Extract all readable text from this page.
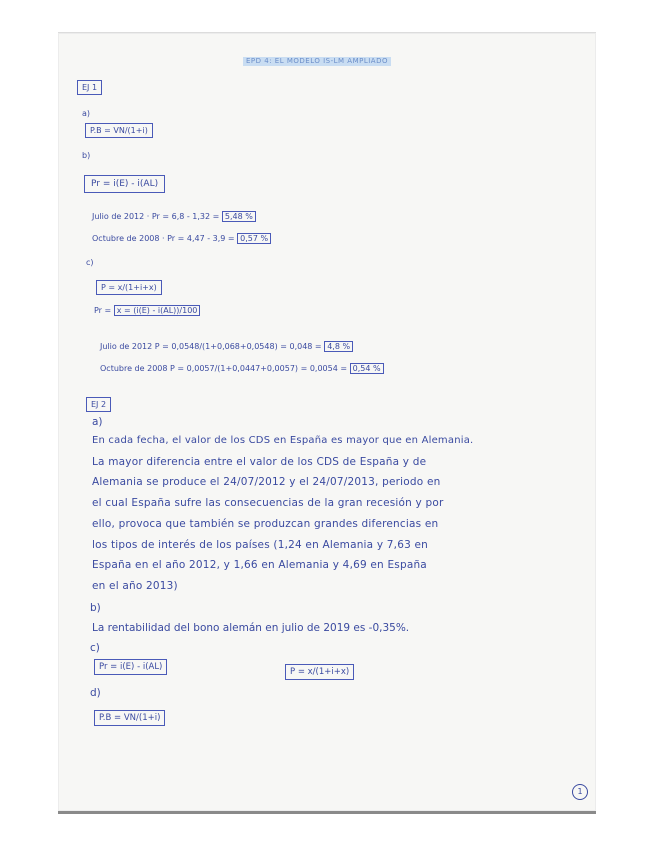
EPD 4: EL MODELO IS-LM AMPLIADO
EJ 1
a)
P.B = VN/(1+i)
b)
Pr = i(E) - i(AL)
Julio de 2012 · Pr = 6,8 - 1,32 = 5,48 %
Octubre de 2008 · Pr = 4,47 - 3,9 = 0,57 %
c)
P = x/(1+i+x)
Pr = x = (i(E) - i(AL))/100
Julio de 2012 P = 0,0548/(1+0,068+0,0548) = 0,048 = 4,8 %
Octubre de 2008 P = 0,0057/(1+0,0447+0,0057) = 0,0054 = 0,54 %
EJ 2
a)
En cada fecha, el valor de los CDS en España es mayor que en Alemania.
La mayor diferencia entre el valor de los CDS de España y de
Alemania se produce el 24/07/2012 y el 24/07/2013, periodo en
el cual España sufre las consecuencias de la gran recesión y por
ello, provoca que también se produzcan grandes diferencias en
los tipos de interés de los países (1,24 en Alemania y 7,63 en
España en el año 2012, y 1,66 en Alemania y 4,69 en España
en el año 2013)
b)
La rentabilidad del bono alemán en julio de 2019 es -0,35%.
c)
Pr = i(E) - i(AL)	P = x/(1+i+x)
d)
P.B = VN/(1+i)
1
